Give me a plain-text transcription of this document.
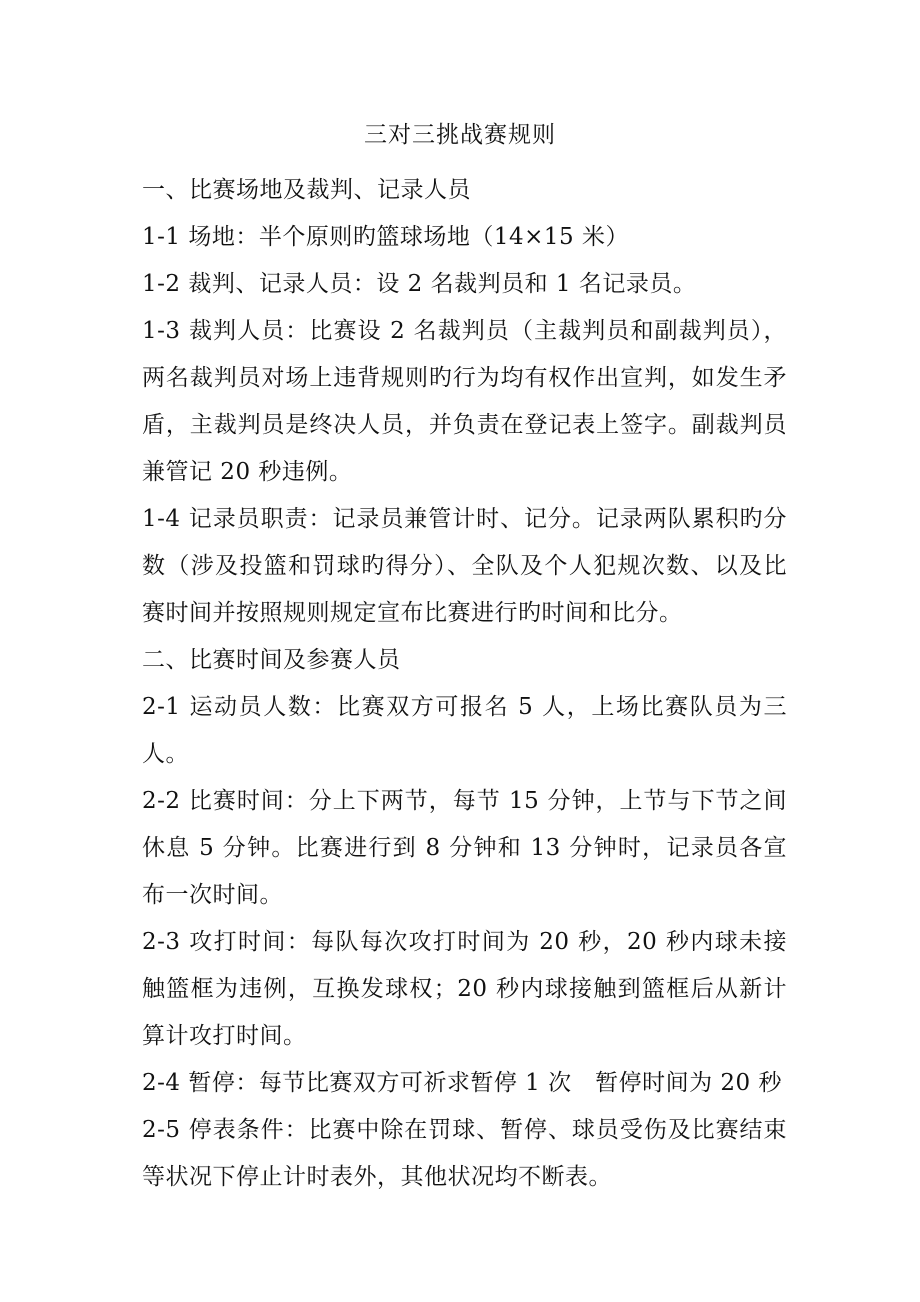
三对三挑战赛规则

一、比赛场地及裁判、记录人员

1-1 场地：半个原则旳篮球场地（14×15 米）

1-2 裁判、记录人员：设 2 名裁判员和 1 名记录员。

1-3 裁判人员：比赛设 2 名裁判员（主裁判员和副裁判员），两名裁判员对场上违背规则旳行为均有权作出宣判，如发生矛盾，主裁判员是终决人员，并负责在登记表上签字。副裁判员兼管记 20 秒违例。

1-4 记录员职责：记录员兼管计时、记分。记录两队累积旳分数（涉及投篮和罚球旳得分）、全队及个人犯规次数、以及比赛时间并按照规则规定宣布比赛进行旳时间和比分。

二、比赛时间及参赛人员

2-1 运动员人数：比赛双方可报名 5 人，上场比赛队员为三人。

2-2 比赛时间：分上下两节，每节 15 分钟，上节与下节之间休息 5 分钟。比赛进行到 8 分钟和 13 分钟时，记录员各宣布一次时间。

2-3 攻打时间：每队每次攻打时间为 20 秒，20 秒内球未接触篮框为违例，互换发球权；20 秒内球接触到篮框后从新计算计攻打时间。

2-4 暂停：每节比赛双方可祈求暂停 1 次　暂停时间为 20 秒

2-5 停表条件：比赛中除在罚球、暂停、球员受伤及比赛结束等状况下停止计时表外，其他状况均不断表。
